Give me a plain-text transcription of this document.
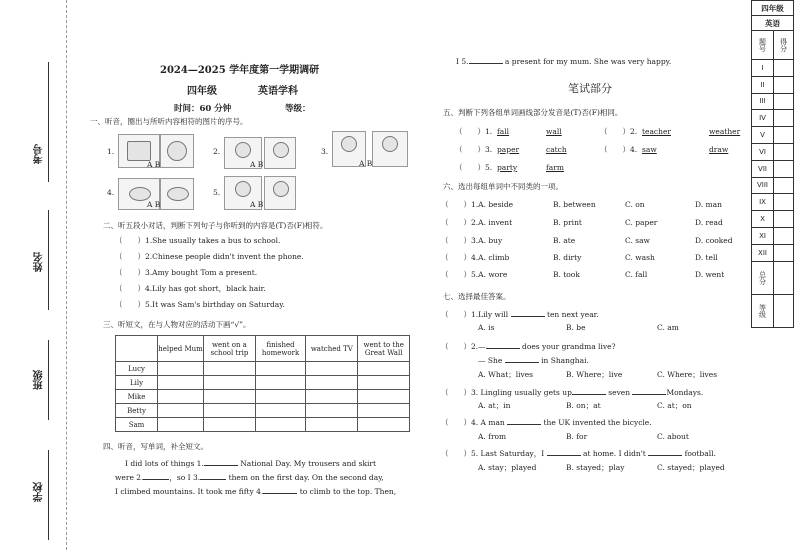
学校
班级
姓名
考号
四年级	
英语	
题号	得分
I	
II	
III	
IV	
V	
VI	
VII	
VIII	
IX	
X	
XI	
XII	
总分	
等级	
2024—2025 学年度第一学期调研
四年级	英语学科
时间：60 分钟	等级：
一、听音，圈出与所听内容相符的图片的序号。
1.
A B
2.
A B
3.
A B
4.
A B
5.
A B
二、听五段小对话，判断下列句子与你听到的内容是(T)否(F)相符。
（　　）1.She usually takes a bus to school.
（　　）2.Chinese people didn't invent the phone.
（　　）3.Amy bought Tom a present.
（　　）4.Lily has got short，black hair.
（　　）5.It was Sam's birthday on Saturday.
三、听短文，在与人物对应的活动下画“√”。
	helped Mum	went on a school trip	finished homework	watched TV	went to the Great Wall
Lucy					
Lily					
Mike					
Betty					
Sam					
四、听音，写单词，补全短文。
I did lots of things 1.	National Day. My trousers and skirt
were 2.	，so I 3.	them on the first day. On the second day,
I climbed mountains. It took me fifty 4.	to climb to the top. Then,
I 5.	a present for my mum. She was very happy.
笔试部分
五、判断下列各组单词画线部分发音是(T)否(F)相同。
（　　）1. fall	wall	（　　）2. teacher	weather
（　　）3. paper	catch	（　　）4. saw	draw
（　　）5. party	farm
六、选出每组单词中不同类的一项。
（　　）1.A. beside	B. between	C. on	D. man
（　　）2.A. invent	B. print	C. paper	D. read
（　　）3.A. buy	B. ate	C. saw	D. cooked
（　　）4.A. climb	B. dirty	C. wash	D. tell
（　　）5.A. wore	B. took	C. fall	D. went
七、选择最佳答案。
（　　）1.Lily will	ten next year.
A. is	B. be	C. am
（　　）2.—	does your grandma live?
— She	in Shanghai.
A. What；lives	B. Where；live	C. Where；lives
（　　）3. Lingling usually gets up	seven	Mondays.
A. at；in	B. on；at	C. at；on
（　　）4. A man	the UK invented the bicycle.
A. from	B. for	C. about
（　　）5. Last Saturday，I	at home. I didn't	football.
A. stay；played	B. stayed；play	C. stayed；played
